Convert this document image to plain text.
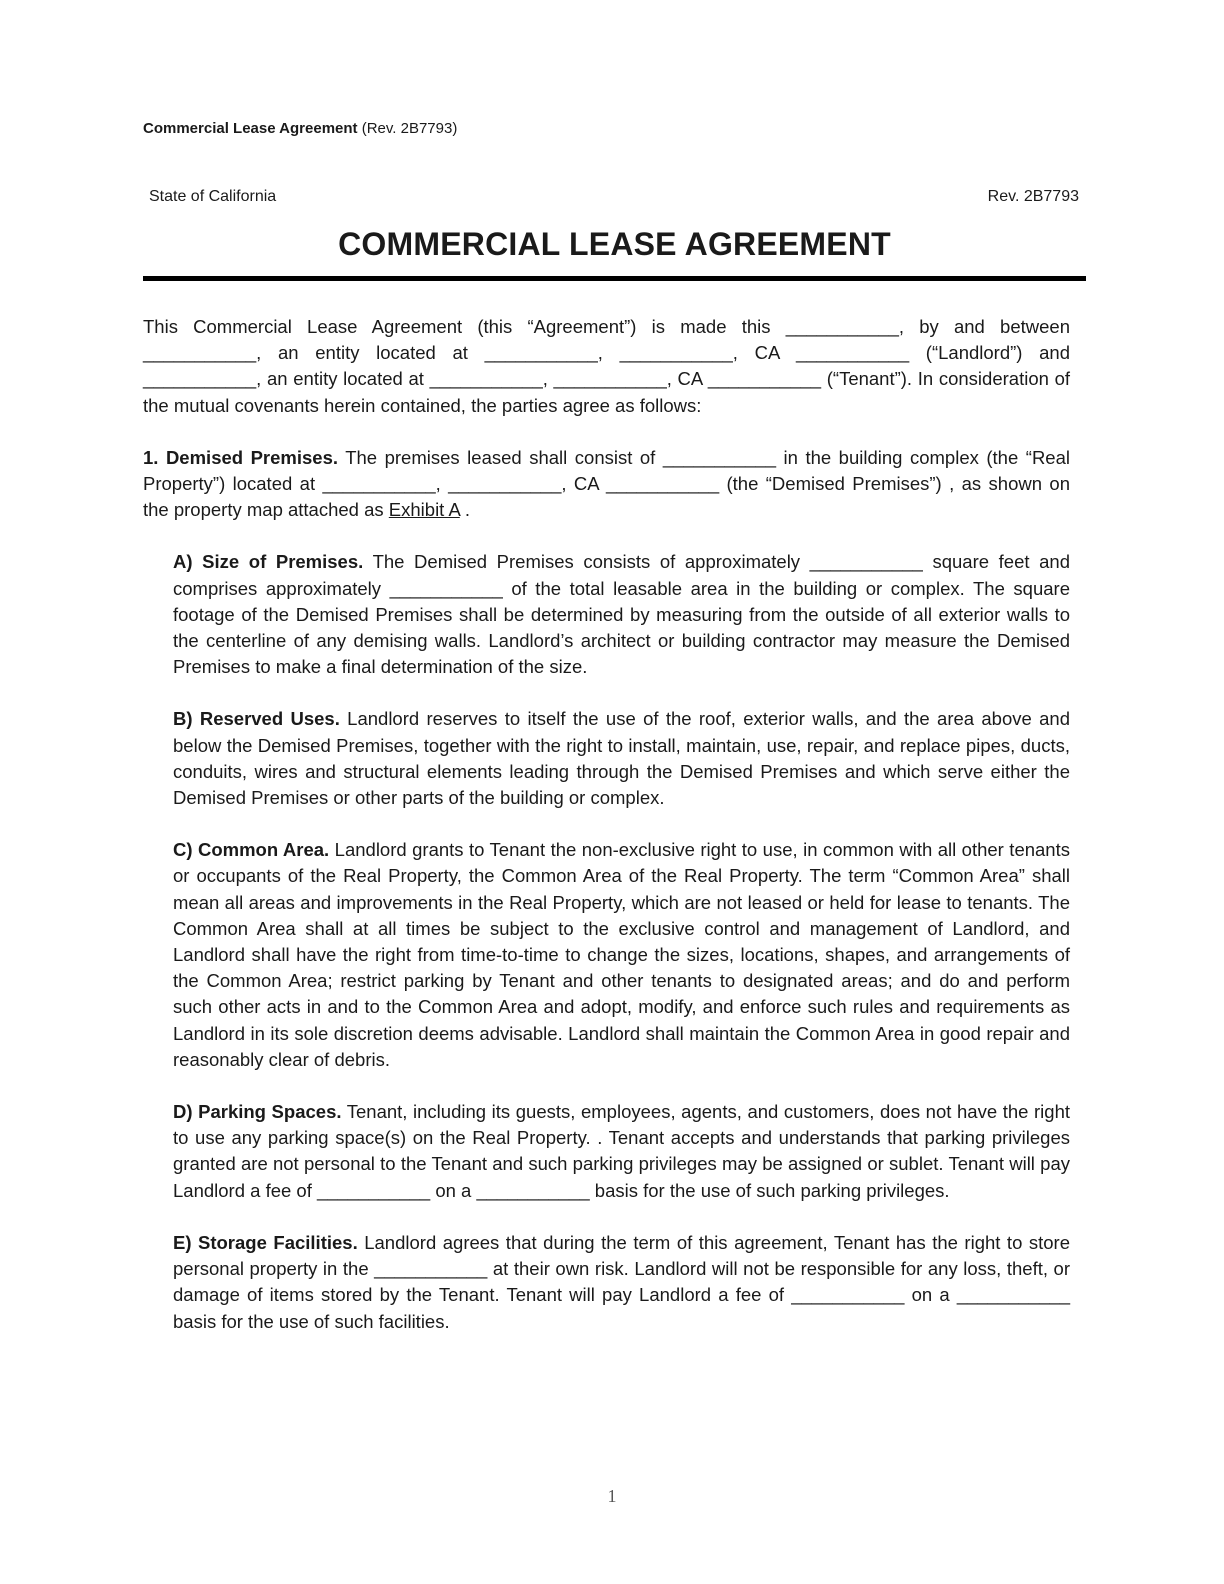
Commercial Lease Agreement (Rev. 2B7793)
State of California	Rev. 2B7793
COMMERCIAL LEASE AGREEMENT

This Commercial Lease Agreement (this “Agreement”) is made this ___________, by and between ___________, an entity located at ___________, ___________, CA ___________ (“Landlord”) and ___________, an entity located at ___________, ___________, CA ___________ (“Tenant”). In consideration of the mutual covenants herein contained, the parties agree as follows:

1. Demised Premises. The premises leased shall consist of ___________ in the building complex (the “Real Property”) located at ___________, ___________, CA ___________ (the “Demised Premises”) , as shown on the property map attached as Exhibit A .

A) Size of Premises. The Demised Premises consists of approximately ___________ square feet and comprises approximately ___________ of the total leasable area in the building or complex. The square footage of the Demised Premises shall be determined by measuring from the outside of all exterior walls to the centerline of any demising walls. Landlord’s architect or building contractor may measure the Demised Premises to make a final determination of the size.

B) Reserved Uses. Landlord reserves to itself the use of the roof, exterior walls, and the area above and below the Demised Premises, together with the right to install, maintain, use, repair, and replace pipes, ducts, conduits, wires and structural elements leading through the Demised Premises and which serve either the Demised Premises or other parts of the building or complex.

C) Common Area. Landlord grants to Tenant the non-exclusive right to use, in common with all other tenants or occupants of the Real Property, the Common Area of the Real Property. The term “Common Area” shall mean all areas and improvements in the Real Property, which are not leased or held for lease to tenants. The Common Area shall at all times be subject to the exclusive control and management of Landlord, and Landlord shall have the right from time-to-time to change the sizes, locations, shapes, and arrangements of the Common Area; restrict parking by Tenant and other tenants to designated areas; and do and perform such other acts in and to the Common Area and adopt, modify, and enforce such rules and requirements as Landlord in its sole discretion deems advisable. Landlord shall maintain the Common Area in good repair and reasonably clear of debris.

D) Parking Spaces. Tenant, including its guests, employees, agents, and customers, does not have the right to use any parking space(s) on the Real Property. . Tenant accepts and understands that parking privileges granted are not personal to the Tenant and such parking privileges may be assigned or sublet. Tenant will pay Landlord a fee of ___________ on a ___________ basis for the use of such parking privileges.

E) Storage Facilities. Landlord agrees that during the term of this agreement, Tenant has the right to store personal property in the ___________ at their own risk. Landlord will not be responsible for any loss, theft, or damage of items stored by the Tenant. Tenant will pay Landlord a fee of ___________ on a ___________ basis for the use of such facilities.

1
